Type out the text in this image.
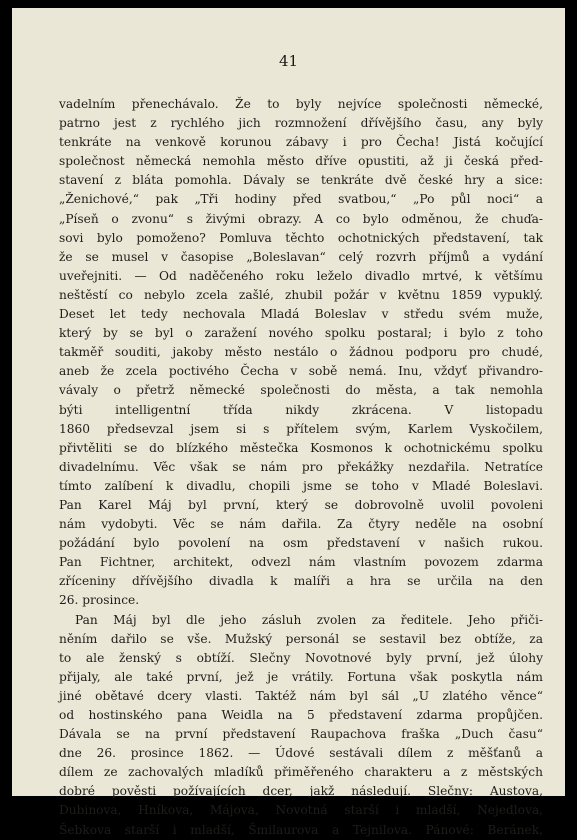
41
vadelním přenechávalo. Že to byly nejvíce společnosti německé,
patrno jest z rychlého jich rozmnožení dřívějšího času, any byly
tenkráte na venkově korunou zábavy i pro Čecha! Jistá kočující
společnost německá nemohla město dříve opustiti, až ji česká před-
stavení z bláta pomohla. Dávaly se tenkráte dvě české hry a sice:
„Ženichové,“ pak „Tři hodiny před svatbou,“ „Po půl noci“ a
„Píseň o zvonu“ s živými obrazy. A co bylo odměnou, že chuďa-
sovi bylo pomoženo? Pomluva těchto ochotnických představení, tak
že se musel v časopise „Boleslavan“ celý rozvrh příjmů a vydání
uveřejniti. — Od naděčeného roku leželo divadlo mrtvé, k většímu
neštěstí co nebylo zcela zašlé, zhubil požár v květnu 1859 vypuklý.
Deset let tedy nechovala Mladá Boleslav v středu svém muže,
který by se byl o zaražení nového spolku postaral; i bylo z toho
takměř souditi, jakoby město nestálo o žádnou podporu pro chudé,
aneb že zcela poctivého Čecha v sobě nemá. Inu, vždyť přivandro-
vávaly o přetrž německé společnosti do města, a tak nemohla
býti intelligentní třída nikdy zkrácena. V listopadu
1860 předsevzal jsem si s přítelem svým, Karlem Vyskočilem,
přivtěliti se do blízkého městečka Kosmonos k ochotnickému spolku
divadelnímu. Věc však se nám pro překážky nezdařila. Netratíce
tímto zalíbení k divadlu, chopili jsme se toho v Mladé Boleslavi.
Pan Karel Máj byl první, který se dobrovolně uvolil povoleni
nám vydobyti. Věc se nám dařila. Za čtyry neděle na osobní
požádání bylo povolení na osm představení v našich rukou.
Pan Fichtner, architekt, odvezl nám vlastním povozem zdarma
zříceniny dřívějšího divadla k malíři a hra se určila na den
26. prosince.
Pan Máj byl dle jeho zásluh zvolen za ředitele. Jeho přiči-
něním dařilo se vše. Mužský personál se sestavil bez obtíže, za
to ale ženský s obtíží. Slečny Novotnové byly první, jež úlohy
přijaly, ale také první, jež je vrátily. Fortuna však poskytla nám
jiné obětavé dcery vlasti. Taktéž nám byl sál „U zlatého věnce“
od hostinského pana Weidla na 5 představení zdarma propůjčen.
Dávala se na první představení Raupachova fraška „Duch času“
dne 26. prosince 1862. — Údové sestávali dílem z měšťanů a
dílem ze zachovalých mladíků přiměřeného charakteru a z městských
dobré pověsti požívajících dcer, jakž následují. Slečny: Austova,
Dubinova, Hníkova, Májova, Novotná starší i mladší, Nejedlova,
Šebkova starší i mladší, Šmilaurova a Tejnilova. Pánové: Beránek,
